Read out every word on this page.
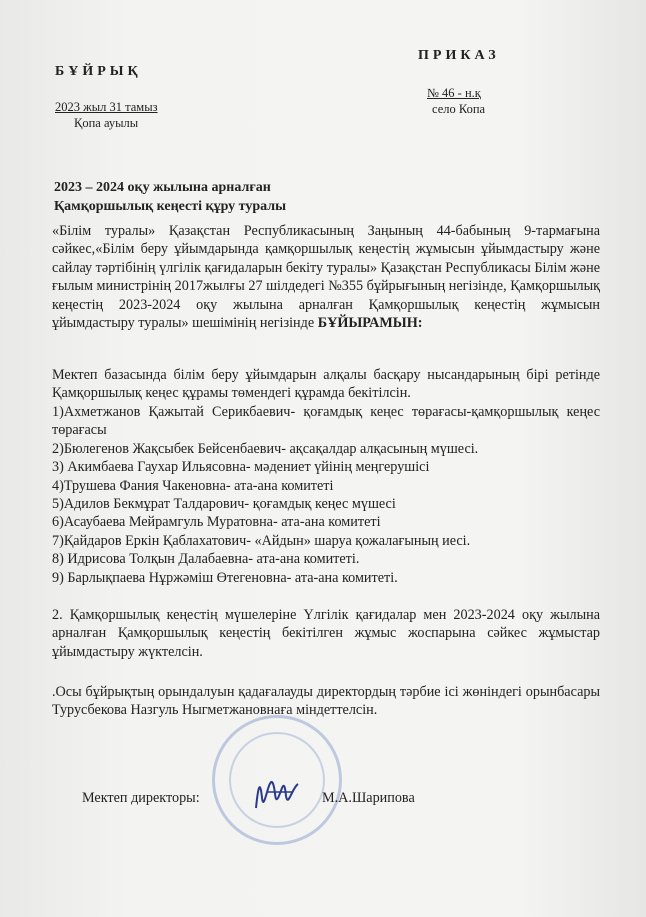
БҰЙРЫҚ
2023 жыл 31 тамыз
Қопа ауылы
ПРИКАЗ
№ 46 - н.қ
село Копа
2023 – 2024 оқу жылына арналған
Қамқоршылық кеңесті құру туралы
«Білім туралы» Қазақстан Республикасының Заңының 44-бабының 9-тармағына сәйкес,«Білім беру ұйымдарында қамқоршылық кеңестің жұмысын ұйымдастыру және сайлау тәртібінің үлгілік қағидаларын бекіту туралы» Қазақстан Республикасы Білім және ғылым министрінің 2017жылғы 27 шілдедегі №355 бұйрығының негізінде, Қамқоршылық кеңестің 2023-2024 оқу жылына арналған Қамқоршылық кеңестің жұмысын ұйымдастыру туралы» шешімінің негізінде БҰЙЫРАМЫН:
Мектеп базасында білім беру ұйымдарын алқалы басқару нысандарының бірі ретінде Қамқоршылық кеңес құрамы төмендегі құрамда бекітілсін.
1)Ахметжанов Қажытай Серикбаевич- қоғамдық кеңес төрағасы-қамқоршылық кеңес төрағасы
2)Бюлегенов Жақсыбек Бейсенбаевич- ақсақалдар алқасының мүшесі.
3) Акимбаева Гаухар Ильясовна- мәдениет үйінің меңгерушісі
4)Трушева Фания Чакеновна- ата-ана комитеті
5)Адилов Бекмұрат Талдарович- қоғамдық кеңес мүшесі
6)Асаубаева Мейрамгуль Муратовна- ата-ана комитеті
7)Қайдаров Еркін Қаблахатович- «Айдын» шаруа қожалағының иесі.
8) Идрисова Толқын Далабаевна- ата-ана комитеті.
9) Барлықпаева Нұржәміш Өтегеновна- ата-ана комитеті.
2. Қамқоршылық кеңестің мүшелеріне Үлгілік қағидалар мен 2023-2024 оқу жылына арналған Қамқоршылық кеңестің бекітілген жұмыс жоспарына сәйкес жұмыстар ұйымдастыру жүктелсін.
.Осы бұйрықтың орындалуын қадағалауды директордың тәрбие ісі жөніндегі орынбасары Турусбекова Назгуль Ныгметжановнаға міндеттелсін.
Мектеп директоры:	М.А.Шарипова
